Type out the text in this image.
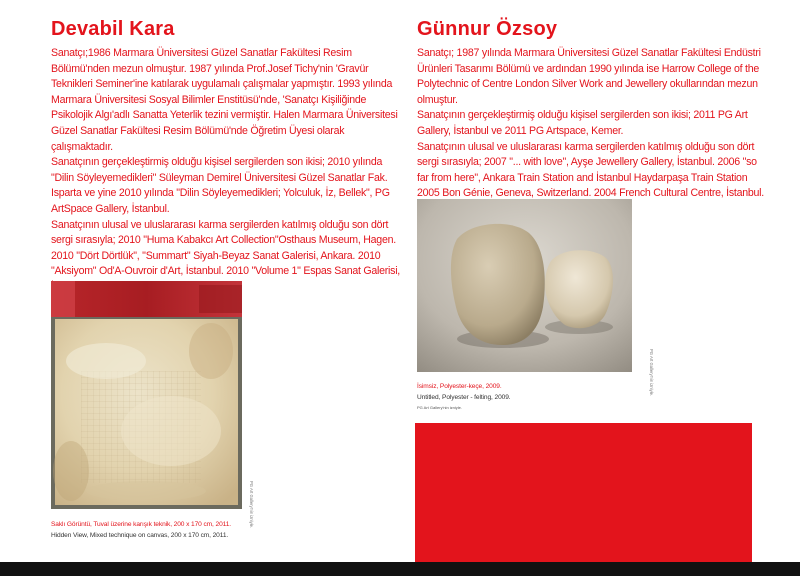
Devabil Kara

Sanatçı;1986 Marmara Üniversitesi Güzel Sanatlar Fakültesi Resim Bölümü'nden mezun olmuştur. 1987 yılında Prof.Josef Tichy'nin 'Gravür Teknikleri Seminer'ine katılarak uygulamalı çalışmalar yapmıştır. 1993 yılında Marmara Üniversitesi Sosyal Bilimler Enstitüsü'nde, 'Sanatçı Kişiliğinde Psikolojik Algı'adlı Sanatta Yeterlik tezini vermiştir. Halen Marmara Üniversitesi Güzel Sanatlar Fakültesi Resim Bölümü'nde Öğretim Üyesi olarak çalışmaktadır.

Sanatçının gerçekleştirmiş olduğu kişisel sergilerden son ikisi; 2010 yılında "Dilin Söyleyemedikleri" Süleyman Demirel Üniversitesi Güzel Sanatlar Fak. Isparta ve yine 2010 yılında "Dilin Söyleyemedikleri; Yolculuk, İz, Bellek", PG ArtSpace Gallery, İstanbul.

Sanatçının ulusal ve uluslararası karma sergilerden katılmış olduğu son dört sergi sırasıyla; 2010 "Huma Kabakcı Art Collection"Osthaus Museum, Hagen. 2010 "Dört Dörtlük", "Summart" Siyah-Beyaz Sanat Galerisi, Ankara. 2010 "Aksiyom" Od'A-Ouvroir d'Art, İstanbul. 2010 "Volume 1" Espas Sanat Galerisi,

PG Art Gallery'nin izniyle.
Saklı Görüntü, Tuval üzerine karışık teknik, 200 x 170 cm, 2011.
Hidden View, Mixed technique on canvas, 200 x 170 cm, 2011.
Günnur Özsoy

Sanatçı; 1987 yılında Marmara Üniversitesi Güzel Sanatlar Fakültesi Endüstri Ürünleri Tasarımı Bölümü ve ardından 1990 yılında ise Harrow College of the Polytechnic of Centre London Silver Work and Jewellery okullarından mezun olmuştur.

Sanatçının gerçekleştirmiş olduğu kişisel sergilerden son ikisi; 2011 PG Art Gallery, İstanbul ve 2011 PG Artspace, Kemer.

Sanatçının ulusal ve uluslararası karma sergilerden katılmış olduğu son dört sergi sırasıyla; 2007 "... with love", Ayşe Jewellery Gallery, İstanbul. 2006 "so far from here", Ankara Train Station and İstanbul Haydarpaşa Train Station 2005 Bon Génie, Geneva, Switzerland. 2004 French Cultural Centre, İstanbul.

PG Art Gallery'nin izniyle.
İsimsiz, Polyester-keçe, 2009.
Untitled, Polyester - felting, 2009.
PG Art Gallery'nin izniyle.
